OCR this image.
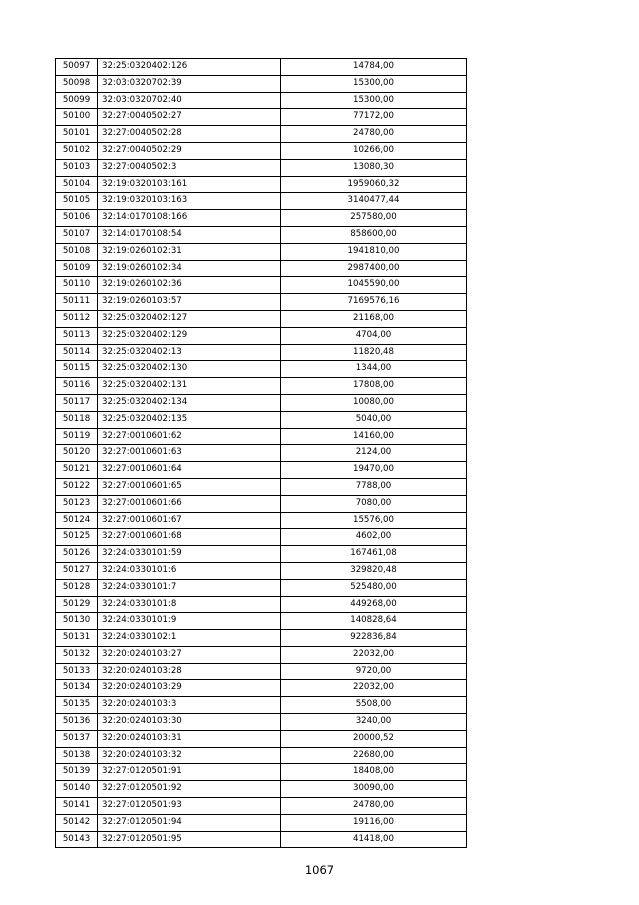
50097	32:25:0320402:126	14784,00
50098	32:03:0320702:39	15300,00
50099	32:03:0320702:40	15300,00
50100	32:27:0040502:27	77172,00
50101	32:27:0040502:28	24780,00
50102	32:27:0040502:29	10266,00
50103	32:27:0040502:3	13080,30
50104	32:19:0320103:161	1959060,32
50105	32:19:0320103:163	3140477,44
50106	32:14:0170108:166	257580,00
50107	32:14:0170108:54	858600,00
50108	32:19:0260102:31	1941810,00
50109	32:19:0260102:34	2987400,00
50110	32:19:0260102:36	1045590,00
50111	32:19:0260103:57	7169576,16
50112	32:25:0320402:127	21168,00
50113	32:25:0320402:129	4704,00
50114	32:25:0320402:13	11820,48
50115	32:25:0320402:130	1344,00
50116	32:25:0320402:131	17808,00
50117	32:25:0320402:134	10080,00
50118	32:25:0320402:135	5040,00
50119	32:27:0010601:62	14160,00
50120	32:27:0010601:63	2124,00
50121	32:27:0010601:64	19470,00
50122	32:27:0010601:65	7788,00
50123	32:27:0010601:66	7080,00
50124	32:27:0010601:67	15576,00
50125	32:27:0010601:68	4602,00
50126	32:24:0330101:59	167461,08
50127	32:24:0330101:6	329820,48
50128	32:24:0330101:7	525480,00
50129	32:24:0330101:8	449268,00
50130	32:24:0330101:9	140828,64
50131	32:24:0330102:1	922836,84
50132	32:20:0240103:27	22032,00
50133	32:20:0240103:28	9720,00
50134	32:20:0240103:29	22032,00
50135	32:20:0240103:3	5508,00
50136	32:20:0240103:30	3240,00
50137	32:20:0240103:31	20000,52
50138	32:20:0240103:32	22680,00
50139	32:27:0120501:91	18408,00
50140	32:27:0120501:92	30090,00
50141	32:27:0120501:93	24780,00
50142	32:27:0120501:94	19116,00
50143	32:27:0120501:95	41418,00
1067
